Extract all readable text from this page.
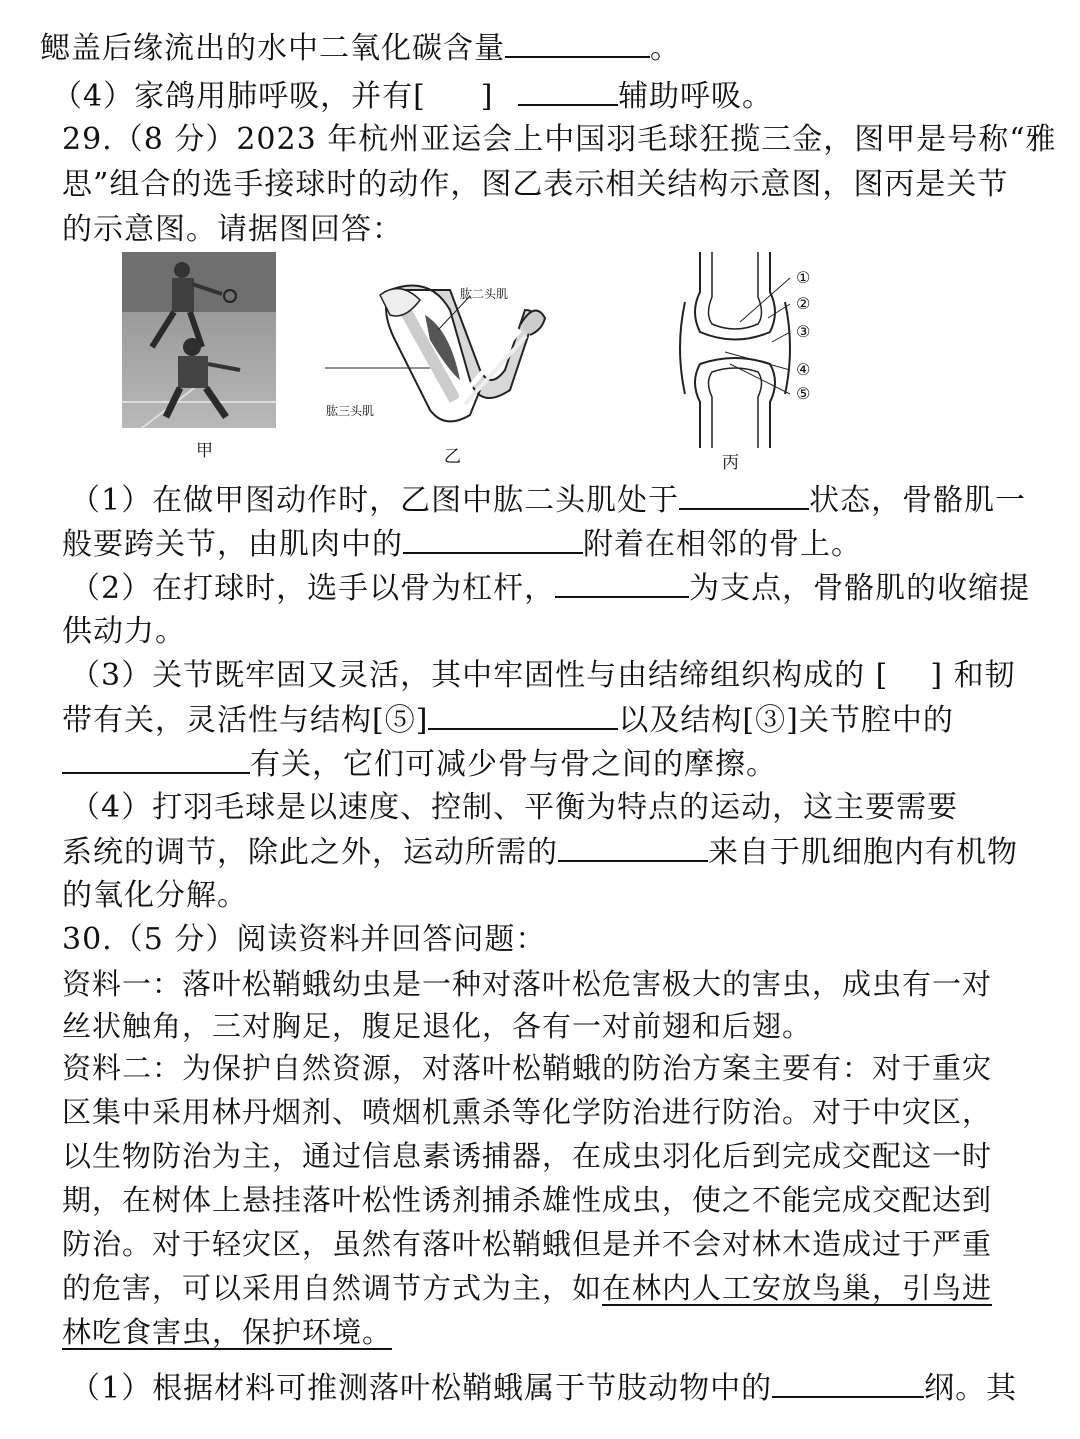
鳃盖后缘流出的水中二氧化碳含量	。
（4）家鸽用肺呼吸，并有[ ]	辅助呼吸。
29.（8 分）2023 年杭州亚运会上中国羽毛球狂揽三金，图甲是号称“雅
思”组合的选手接球时的动作，图乙表示相关结构示意图，图丙是关节
的示意图。请据图回答：
甲
肱二头肌
肱三头肌
乙
①
②
③
④
⑤
丙
（1）在做甲图动作时，乙图中肱二头肌处于	状态，骨骼肌一
般要跨关节，由肌肉中的	附着在相邻的骨上。
（2）在打球时，选手以骨为杠杆，	为支点，骨骼肌的收缩提
供动力。
（3）关节既牢固又灵活，其中牢固性与由结缔组织构成的 [ ] 和韧
带有关，灵活性与结构[⑤]	以及结构[③]关节腔中的
有关，它们可减少骨与骨之间的摩擦。
（4）打羽毛球是以速度、控制、平衡为特点的运动，这主要需要
系统的调节，除此之外，运动所需的	来自于肌细胞内有机物
的氧化分解。
30.（5 分）阅读资料并回答问题：
资料一：落叶松鞘蛾幼虫是一种对落叶松危害极大的害虫，成虫有一对
丝状触角，三对胸足，腹足退化，各有一对前翅和后翅。
资料二：为保护自然资源，对落叶松鞘蛾的防治方案主要有：对于重灾
区集中采用林丹烟剂、喷烟机熏杀等化学防治进行防治。对于中灾区，
以生物防治为主，通过信息素诱捕器，在成虫羽化后到完成交配这一时
期，在树体上悬挂落叶松性诱剂捕杀雄性成虫，使之不能完成交配达到
防治。对于轻灾区，虽然有落叶松鞘蛾但是并不会对林木造成过于严重
的危害，可以采用自然调节方式为主，如在林内人工安放鸟巢，引鸟进
林吃食害虫，保护环境。
（1）根据材料可推测落叶松鞘蛾属于节肢动物中的	纲。其
